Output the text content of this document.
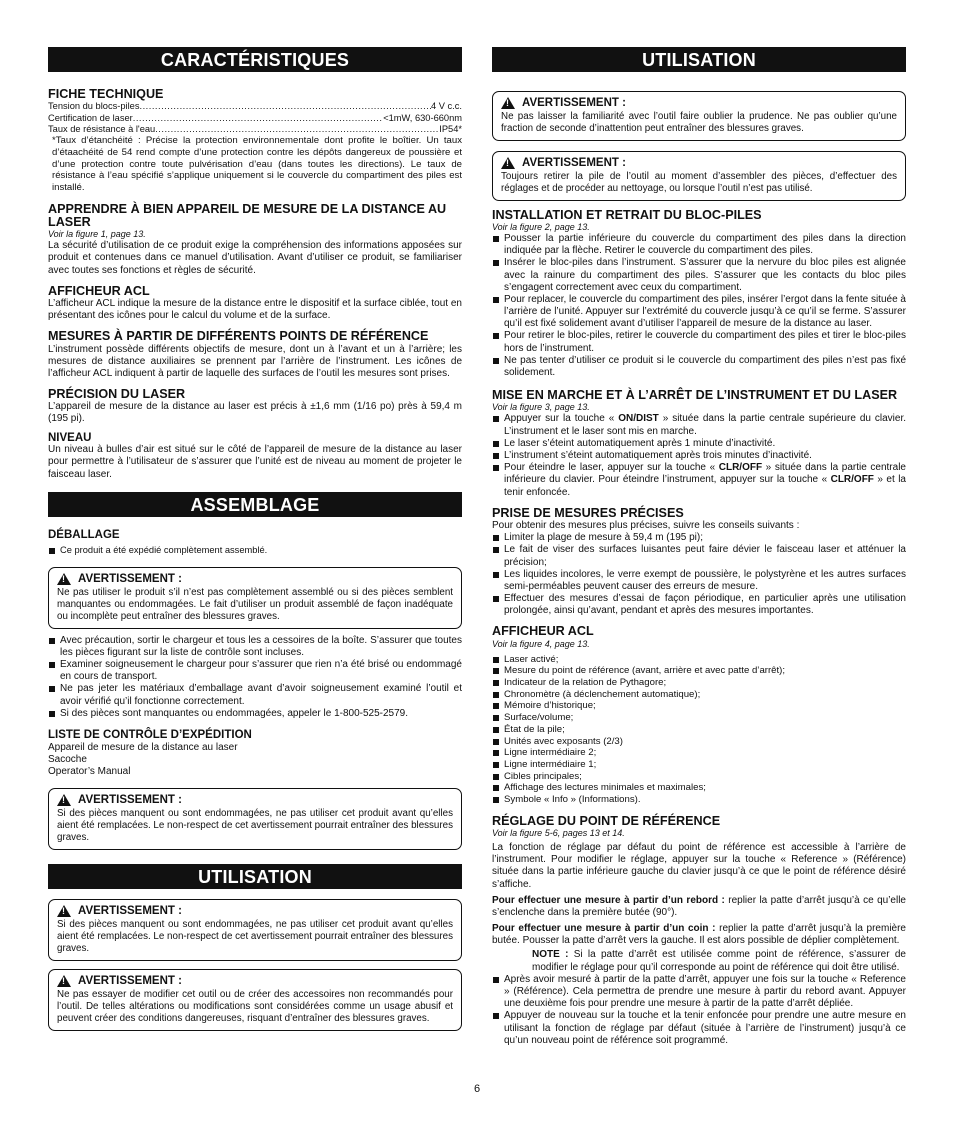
CARACTÉRISTIQUES
FICHE TECHNIQUE
Tension du blocs-piles .....	4 V c.c.
Certification de laser .....	<1mW, 630-660nm
Taux de résistance à l'eau .....	IP54*

*Taux d’étanchéité : Précise la protection environnementale dont profite le boîtier. Un taux d’étaachéité de 54 rend compte d’une protection contre les dépôts dangereux de poussière et d’une protection contre toute pulvérisation d’eau (dans toutes les directions). Le taux de résistance à l’eau spécifié s’applique uniquement si le couvercle du compartiment des piles est installé.

APPRENDRE À BIEN APPAREIL DE MESURE DE LA DISTANCE AU LASER
Voir la figure 1, page 13.

La sécurité d’utilisation de ce produit exige la compréhension des informations apposées sur produit et contenues dans ce manuel d’utilisation. Avant d’utiliser ce produit, se familiariser avec toutes ses fonctions et règles de sécurité.

AFFICHEUR ACL

L’afficheur ACL indique la mesure de la distance entre le dispositif et la surface ciblée, tout en présentant des icônes pour le calcul du volume et de la surface.

MESURES À PARTIR DE DIFFÉRENTS POINTS DE RÉFÉRENCE

L’instrument possède différents objectifs de mesure, dont un à l’avant et un à l’arrière; les mesures de distance auxiliaires se prennent par l’arrière de l’instrument. Les icônes de l’afficheur ACL indiquent à partir de laquelle des surfaces de l’outil les mesures sont prises.

PRÉCISION DU LASER

L’appareil de mesure de la distance au laser est précis à ±1,6 mm (1/16 po) près à 59,4 m (195 pi).

NIVEAU

Un niveau à bulles d’air est situé sur le côté de l’appareil de mesure de la distance au laser pour permettre à l’utilisateur de s’assurer que l’unité est de niveau au moment de projeter le faisceau laser.

ASSEMBLAGE
DÉBALLAGE
Ce produit a été expédié complètement assemblé.
!
AVERTISSEMENT :

Ne pas utiliser le produit s’il n’est pas complètement assemblé ou si des pièces semblent manquantes ou endommagées. Le fait d’utiliser un produit assemblé de façon inadéquate ou incomplète peut entraîner des blessures graves.

Avec précaution, sortir le chargeur et tous les a cessoires de la boîte. S’assurer que toutes les pièces figurant sur la liste de contrôle sont incluses.
Examiner soigneusement le chargeur pour s’assurer que rien n’a été brisé ou endommagé en cours de transport.
Ne pas jeter les matériaux d’emballage avant d’avoir soigneusement examiné l’outil et avoir vérifié qu’il fonctionne correctement.
Si des pièces sont manquantes ou endommagées, appeler le 1-800-525-2579.
LISTE DE CONTRÔLE D’EXPÉDITION
Appareil de mesure de la distance au laser
Sacoche
Operator’s Manual
!
AVERTISSEMENT :

Si des pièces manquent ou sont endommagées, ne pas utiliser cet produit avant qu’elles aient été remplacées. Le non-respect de cet avertissement pourrait entraîner des blessures graves.

UTILISATION
!
AVERTISSEMENT :

Si des pièces manquent ou sont endommagées, ne pas utiliser cet produit avant qu’elles aient été remplacées. Le non-respect de cet avertissement pourrait entraîner des blessures graves.

!
AVERTISSEMENT :

Ne pas essayer de modifier cet outil ou de créer des accessoires non recommandés pour l’outil. De telles altérations ou modifications sont considérées comme un usage abusif et peuvent créer des conditions dangereuses, risquant d’entraîner des blessures graves.

UTILISATION
!
AVERTISSEMENT :

Ne pas laisser la familiarité avec l’outil faire oublier la prudence. Ne pas oublier qu’une fraction de seconde d’inattention peut entraîner des blessures graves.

!
AVERTISSEMENT :

Toujours retirer la pile de l’outil au moment d’assembler des pièces, d’effectuer des réglages et de procéder au nettoyage, ou lorsque l’outil n’est pas utilisé.

INSTALLATION ET RETRAIT DU BLOC-PILES
Voir la figure 2, page 13.
Pousser la partie inférieure du couvercle du compartiment des piles dans la direction indiquée par la flèche. Retirer le couvercle du compartiment des piles.
Insérer le bloc-piles dans l’instrument. S’assurer que la nervure du bloc piles est alignée avec la rainure du compartiment des piles. S’assurer que les contacts du bloc piles s’engagent correctement avec ceux du compartiment.
Pour replacer, le couvercle du compartiment des piles, insérer l’ergot dans la fente située à l’arrière de l’unité. Appuyer sur l’extrémité du couvercle jusqu’à ce qu’il se ferme. S’assurer qu’il est fixé solidement avant d’utiliser l’appareil de mesure de la distance au laser.
Pour retirer le bloc-piles, retirer le couvercle du compartiment des piles et tirer le bloc-piles hors de l’instrument.
Ne pas tenter d’utiliser ce produit si le couvercle du compartiment des piles n’est pas fixé solidement.
MISE EN MARCHE ET À L’ARRÊT DE L’INSTRUMENT ET DU LASER
Voir la figure 3, page 13.
Appuyer sur la touche « ON/DIST » située dans la partie centrale supérieure du clavier. L’instrument et le laser sont mis en marche.
Le laser s’éteint automatiquement après 1 minute d’inactivité.
L’instrument s’éteint automatiquement après trois minutes d’inactivité.
Pour éteindre le laser, appuyer sur la touche « CLR/OFF » située dans la partie centrale inférieure du clavier. Pour éteindre l’instrument, appuyer sur la touche « CLR/OFF » et la tenir enfoncée.
PRISE DE MESURES PRÉCISES

Pour obtenir des mesures plus précises, suivre les conseils suivants :

Limiter la plage de mesure à 59,4 m (195 pi);
Le fait de viser des surfaces luisantes peut faire dévier le faisceau laser et atténuer la précision;
Les liquides incolores, le verre exempt de poussière, le polystyrène et les autres surfaces semi-perméables peuvent causer des erreurs de mesure.
Effectuer des mesures d’essai de façon périodique, en particulier après une utilisation prolongée, ainsi qu’avant, pendant et après des mesures importantes.
AFFICHEUR ACL
Voir la figure 4, page 13.
Laser activé;
Mesure du point de référence (avant, arrière et avec patte d’arrêt);
Indicateur de la relation de Pythagore;
Chronomètre (à déclenchement automatique);
Mémoire d’historique;
Surface/volume;
État de la pile;
Unités avec exposants (2/3)
Ligne intermédiaire 2;
Ligne intermédiaire 1;
Cibles principales;
Affichage des lectures minimales et maximales;
Symbole « Info » (Informations).
RÉGLAGE DU POINT DE RÉFÉRENCE
Voir la figure 5-6, pages 13 et 14.

La fonction de réglage par défaut du point de référence est accessible à l’arrière de l’instrument. Pour modifier le réglage, appuyer sur la touche « Reference » (Référence) située dans la partie inférieure gauche du clavier jusqu’à ce que le point de référence désiré s’affiche.

Pour effectuer une mesure à partir d’un rebord : replier la patte d’arrêt jusqu’à ce qu’elle s’enclenche dans la première butée (90°).

Pour effectuer une mesure à partir d’un coin : replier la patte d’arrêt jusqu’à la première butée. Pousser la patte d’arrêt vers la gauche. Il est alors possible de déplier complètement.

NOTE : Si la patte d’arrêt est utilisée comme point de référence, s’assurer de modifier le réglage pour qu’il corresponde au point de référence qui doit être utilisé.

Après avoir mesuré à partir de la patte d’arrêt, appuyer une fois sur la touche « Reference » (Référence). Cela permettra de prendre une mesure à partir du rebord avant. Appuyer une deuxième fois pour prendre une mesure à partir de la patte d’arrêt dépliée.
Appuyer de nouveau sur la touche et la tenir enfoncée pour prendre une autre mesure en utilisant la fonction de réglage par défaut (située à l’arrière de l’instrument) jusqu’à ce qu’un nouveau point de référence soit programmé.
6
